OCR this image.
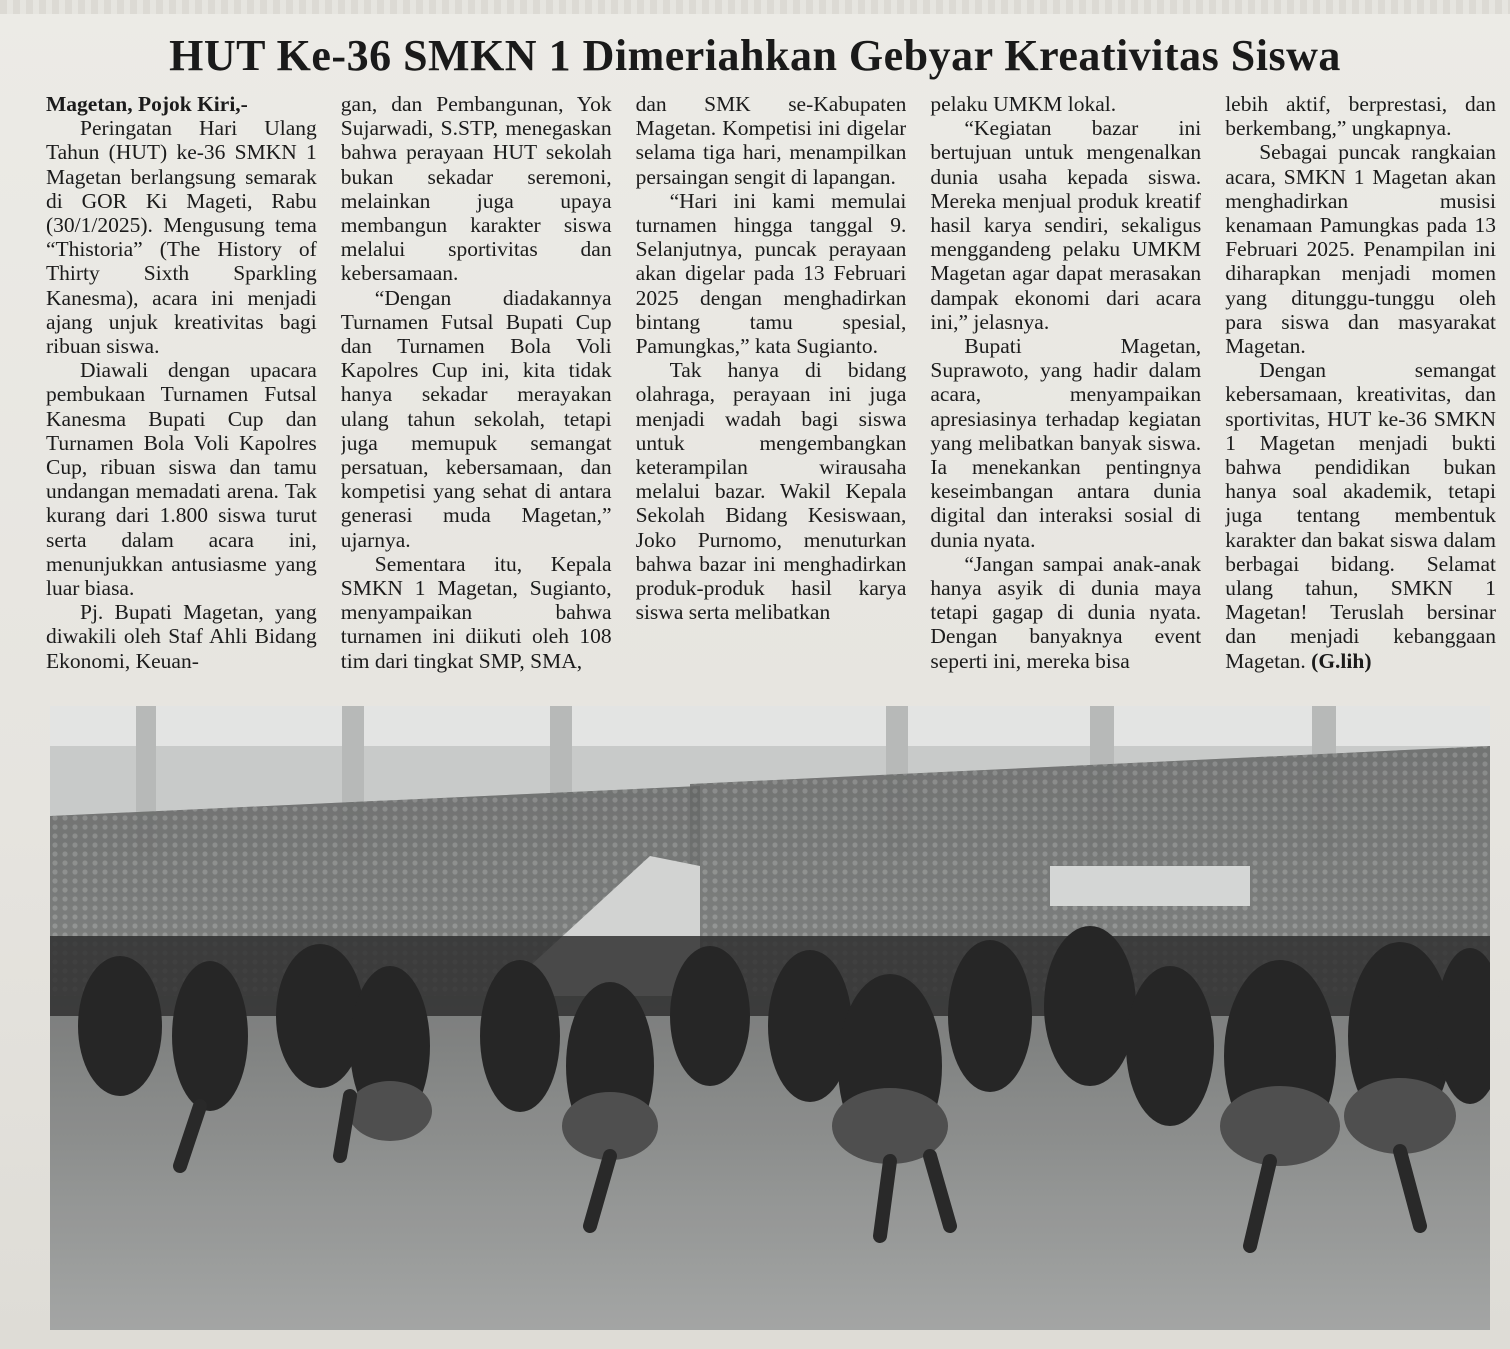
HUT Ke-36 SMKN 1 Dimeriahkan Gebyar Kreativitas Siswa

Magetan, Pojok Kiri,-

Peringatan Hari Ulang Tahun (HUT) ke-36 SMKN 1 Magetan berlangsung semarak di GOR Ki Mageti, Rabu (30/1/2025). Mengusung tema “Thistoria” (The History of Thirty Sixth Sparkling Kanesma), acara ini menjadi ajang unjuk kreativitas bagi ribuan siswa.

Diawali dengan upacara pembukaan Turnamen Futsal Kanesma Bupati Cup dan Turnamen Bola Voli Kapolres Cup, ribuan siswa dan tamu undangan memadati arena. Tak kurang dari 1.800 siswa turut serta dalam acara ini, menunjukkan antusiasme yang luar biasa.

Pj. Bupati Magetan, yang diwakili oleh Staf Ahli Bidang Ekonomi, Keuan-

gan, dan Pembangunan, Yok Sujarwadi, S.STP, menegaskan bahwa perayaan HUT sekolah bukan sekadar seremoni, melainkan juga upaya membangun karakter siswa melalui sportivitas dan kebersamaan.

“Dengan diadakannya Turnamen Futsal Bupati Cup dan Turnamen Bola Voli Kapolres Cup ini, kita tidak hanya sekadar merayakan ulang tahun sekolah, tetapi juga memupuk semangat persatuan, kebersamaan, dan kompetisi yang sehat di antara generasi muda Magetan,” ujarnya.

Sementara itu, Kepala SMKN 1 Magetan, Sugianto, menyampaikan bahwa turnamen ini diikuti oleh 108 tim dari tingkat SMP, SMA,

dan SMK se-Kabupaten Magetan. Kompetisi ini digelar selama tiga hari, menampilkan persaingan sengit di lapangan.

“Hari ini kami memulai turnamen hingga tanggal 9. Selanjutnya, puncak perayaan akan digelar pada 13 Februari 2025 dengan menghadirkan bintang tamu spesial, Pamungkas,” kata Sugianto.

Tak hanya di bidang olahraga, perayaan ini juga menjadi wadah bagi siswa untuk mengembangkan keterampilan wirausaha melalui bazar. Wakil Kepala Sekolah Bidang Kesiswaan, Joko Purnomo, menuturkan bahwa bazar ini menghadirkan produk-produk hasil karya siswa serta melibatkan

pelaku UMKM lokal.

“Kegiatan bazar ini bertujuan untuk mengenalkan dunia usaha kepada siswa. Mereka menjual produk kreatif hasil karya sendiri, sekaligus menggandeng pelaku UMKM Magetan agar dapat merasakan dampak ekonomi dari acara ini,” jelasnya.

Bupati Magetan, Suprawoto, yang hadir dalam acara, menyampaikan apresiasinya terhadap kegiatan yang melibatkan banyak siswa. Ia menekankan pentingnya keseimbangan antara dunia digital dan interaksi sosial di dunia nyata.

“Jangan sampai anak-anak hanya asyik di dunia maya tetapi gagap di dunia nyata. Dengan banyaknya event seperti ini, mereka bisa

lebih aktif, berprestasi, dan berkembang,” ungkapnya.

Sebagai puncak rangkaian acara, SMKN 1 Magetan akan menghadirkan musisi kenamaan Pamungkas pada 13 Februari 2025. Penampilan ini diharapkan menjadi momen yang ditunggu-tunggu oleh para siswa dan masyarakat Magetan.

Dengan semangat kebersamaan, kreativitas, dan sportivitas, HUT ke-36 SMKN 1 Magetan menjadi bukti bahwa pendidikan bukan hanya soal akademik, tetapi juga tentang membentuk karakter dan bakat siswa dalam berbagai bidang. Selamat ulang tahun, SMKN 1 Magetan! Teruslah bersinar dan menjadi kebanggaan Magetan. (G.lih)
